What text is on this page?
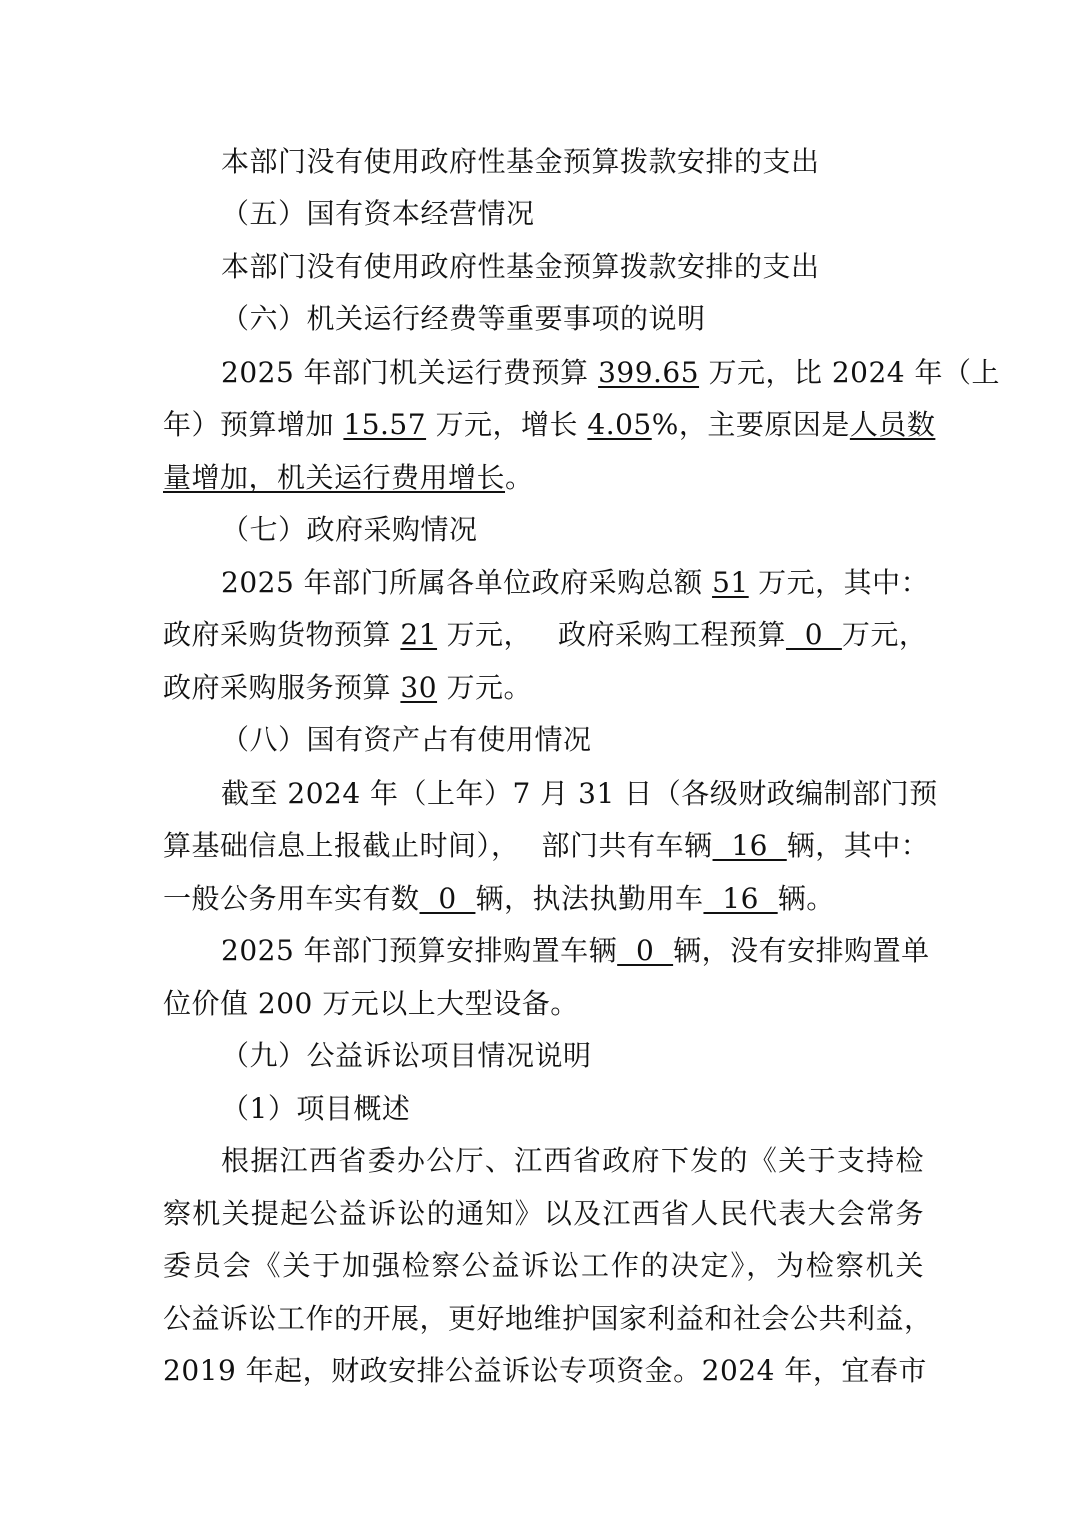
本部门没有使用政府性基金预算拨款安排的支出
（五）国有资本经营情况
本部门没有使用政府性基金预算拨款安排的支出
（六）机关运行经费等重要事项的说明
2025 年部门机关运行费预算 399.65 万元，比 2024 年（上
年）预算增加 15.57 万元，增长 4.05%，主要原因是人员数
量增加，机关运行费用增长。
（七）政府采购情况
2025 年部门所属各单位政府采购总额 51 万元，其中：
政府采购货物预算 21 万元， 政府采购工程预算  0  万元，
政府采购服务预算 30 万元。
（八）国有资产占有使用情况
截至 2024 年（上年）7 月 31 日（各级财政编制部门预
算基础信息上报截止时间）， 部门共有车辆  16  辆，其中：
一般公务用车实有数  0  辆，执法执勤用车  16  辆。
2025 年部门预算安排购置车辆  0  辆，没有安排购置单
位价值 200 万元以上大型设备。
（九）公益诉讼项目情况说明
（1）项目概述
根据江西省委办公厅、江西省政府下发的《关于支持检
察机关提起公益诉讼的通知》以及江西省人民代表大会常务
委员会《关于加强检察公益诉讼工作的决定》，为检察机关
公益诉讼工作的开展，更好地维护国家利益和社会公共利益，
2019 年起，财政安排公益诉讼专项资金。2024 年，宜春市
